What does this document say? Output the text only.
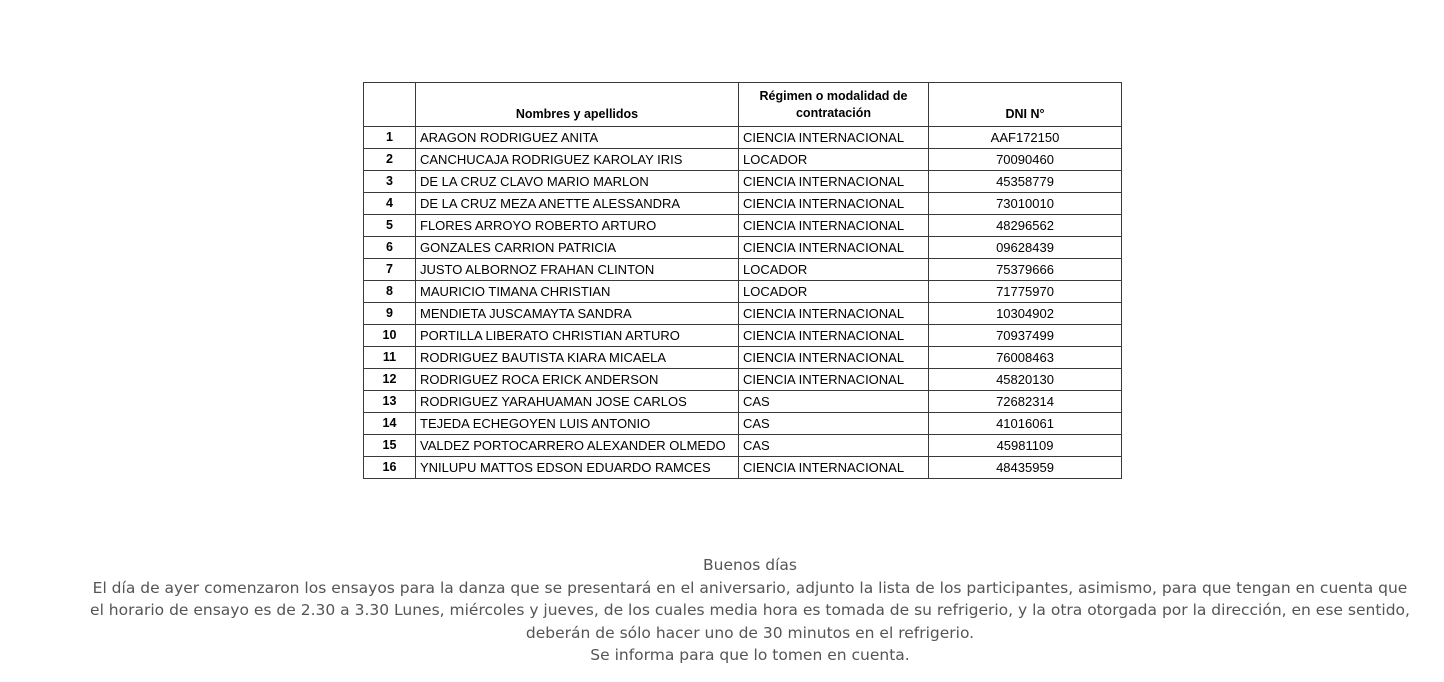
	Nombres y apellidos	Régimen o modalidad de contratación	DNI N°
1	ARAGON RODRIGUEZ ANITA	CIENCIA INTERNACIONAL	AAF172150
2	CANCHUCAJA RODRIGUEZ KAROLAY IRIS	LOCADOR	70090460
3	DE LA CRUZ CLAVO MARIO MARLON	CIENCIA INTERNACIONAL	45358779
4	DE LA CRUZ MEZA ANETTE ALESSANDRA	CIENCIA INTERNACIONAL	73010010
5	FLORES ARROYO ROBERTO ARTURO	CIENCIA INTERNACIONAL	48296562
6	GONZALES CARRION PATRICIA	CIENCIA INTERNACIONAL	09628439
7	JUSTO ALBORNOZ FRAHAN CLINTON	LOCADOR	75379666
8	MAURICIO TIMANA CHRISTIAN	LOCADOR	71775970
9	MENDIETA JUSCAMAYTA SANDRA	CIENCIA INTERNACIONAL	10304902
10	PORTILLA LIBERATO CHRISTIAN ARTURO	CIENCIA INTERNACIONAL	70937499
11	RODRIGUEZ BAUTISTA KIARA MICAELA	CIENCIA INTERNACIONAL	76008463
12	RODRIGUEZ ROCA ERICK ANDERSON	CIENCIA INTERNACIONAL	45820130
13	RODRIGUEZ YARAHUAMAN JOSE CARLOS	CAS	72682314
14	TEJEDA ECHEGOYEN LUIS ANTONIO	CAS	41016061
15	VALDEZ PORTOCARRERO ALEXANDER OLMEDO	CAS	45981109
16	YNILUPU MATTOS EDSON EDUARDO RAMCES	CIENCIA INTERNACIONAL	48435959

Buenos días

El día de ayer comenzaron los ensayos para la danza que se presentará en el aniversario, adjunto la lista de los participantes, asimismo, para que tengan en cuenta que el horario de ensayo es de 2.30 a 3.30 Lunes, miércoles y jueves, de los cuales media hora es tomada de su refrigerio, y la otra otorgada por la dirección, en ese sentido, deberán de sólo hacer uno de 30 minutos en el refrigerio.

Se informa para que lo tomen en cuenta.
